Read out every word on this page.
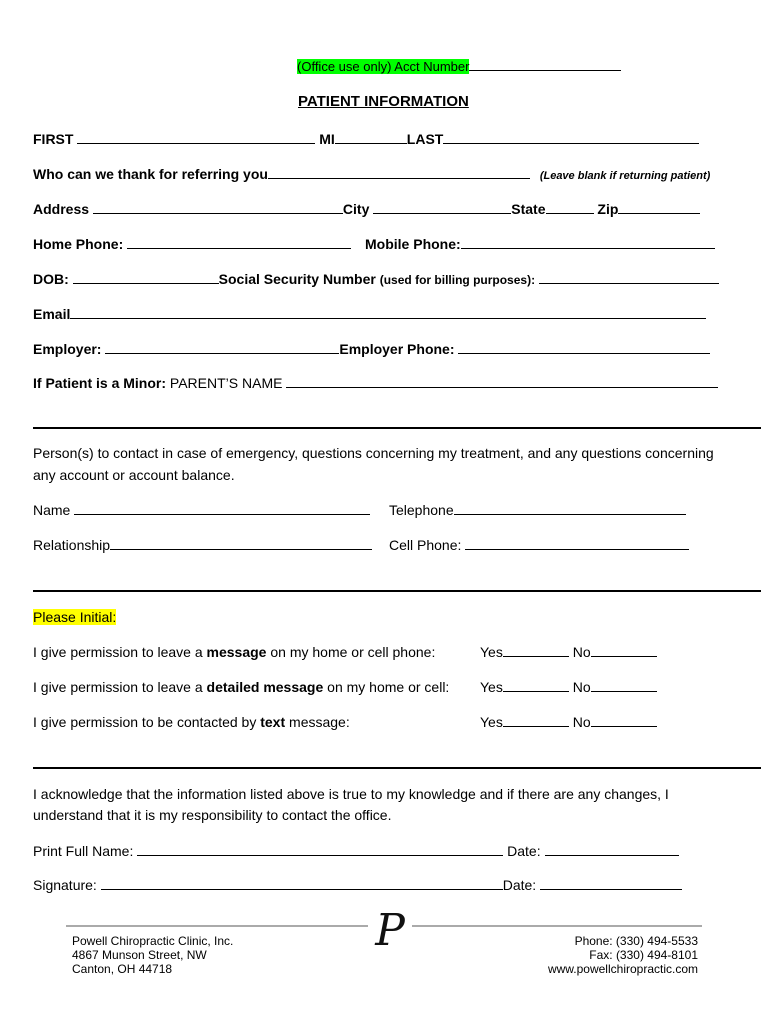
(Office use only) Acct Number
PATIENT INFORMATION
FIRST	MI	LAST
Who can we thank for referring you	(Leave blank if returning patient)
Address	City	State	Zip
Home Phone:	Mobile Phone:
DOB:	Social Security Number (used for billing purposes):
Email
Employer:	Employer Phone:
If Patient is a Minor: PARENT’S NAME
Person(s) to contact in case of emergency, questions concerning my treatment, and any questions concerning
any account or account balance.
Name	Telephone
Relationship	Cell Phone:
Please Initial:
I give permission to leave a message on my home or cell phone:	Yes	No
I give permission to leave a detailed message on my home or cell: Yes	No
I give permission to be contacted by text message:	Yes	No
I acknowledge that the information listed above is true to my knowledge and if there are any changes, I
understand that it is my responsibility to contact the office.
Print Full Name:	Date:
Signature:	Date:
P
Powell Chiropractic Clinic, Inc.
4867 Munson Street, NW
Canton, OH 44718
Phone: (330) 494-5533
Fax: (330) 494-8101
www.powellchiropractic.com
